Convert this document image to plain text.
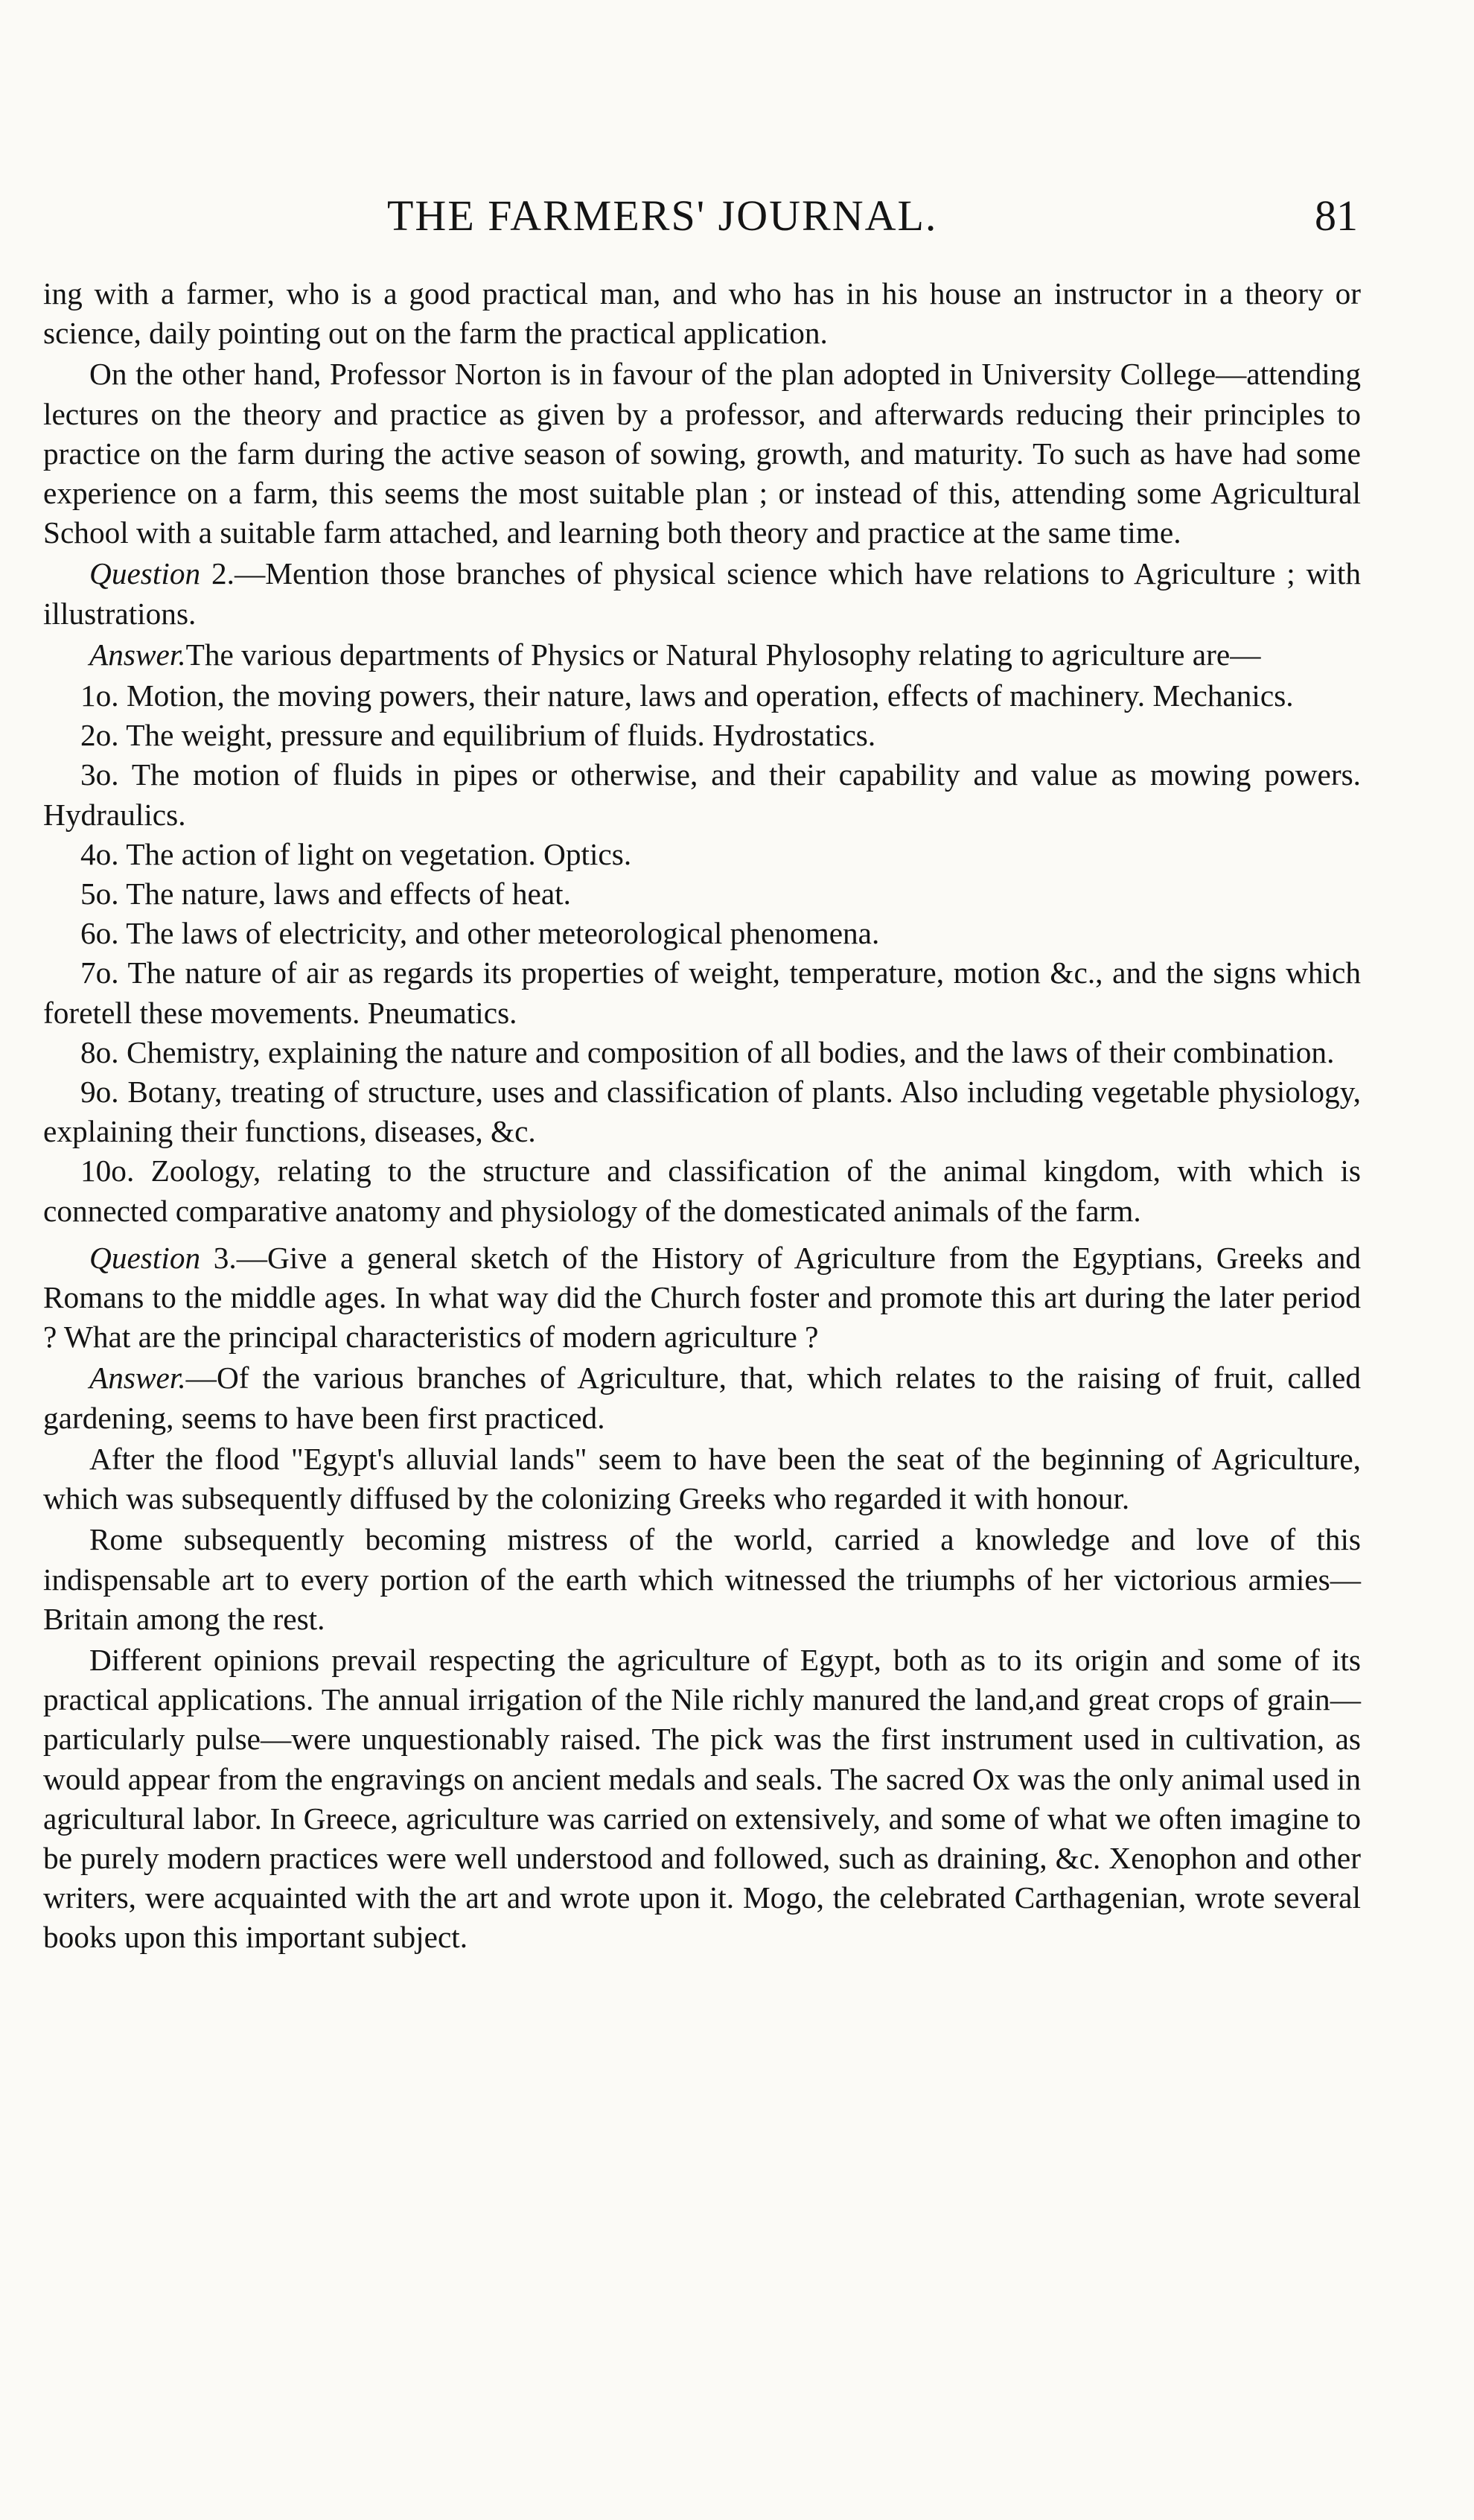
THE FARMERS' JOURNAL.	81

ing with a farmer, who is a good practical man, and who has in his house an instructor in a theory or science, daily pointing out on the farm the practical application.

On the other hand, Professor Norton is in favour of the plan adopted in University College—attending lectures on the theory and practice as given by a professor, and afterwards reducing their principles to practice on the farm during the active season of sowing, growth, and maturity. To such as have had some experience on a farm, this seems the most suitable plan ; or instead of this, attending some Agricultural School with a suitable farm attached, and learning both theory and practice at the same time.

Question 2.—Mention those branches of physical science which have relations to Agriculture ; with illustrations.

Answer.The various departments of Physics or Natural Phylosophy relating to agriculture are—

1o. Motion, the moving powers, their nature, laws and operation, effects of machinery. Mechanics.

2o. The weight, pressure and equilibrium of fluids. Hydrostatics.

3o. The motion of fluids in pipes or otherwise, and their capability and value as mowing powers. Hydraulics.

4o. The action of light on vegetation. Optics.

5o. The nature, laws and effects of heat.

6o. The laws of electricity, and other meteorological phenomena.

7o. The nature of air as regards its properties of weight, temperature, motion &c., and the signs which foretell these movements. Pneumatics.

8o. Chemistry, explaining the nature and composition of all bodies, and the laws of their combination.

9o. Botany, treating of structure, uses and classification of plants. Also including vegetable physiology, explaining their functions, diseases, &c.

10o. Zoology, relating to the structure and classification of the animal kingdom, with which is connected comparative anatomy and physiology of the domesticated animals of the farm.

Question 3.—Give a general sketch of the History of Agriculture from the Egyptians, Greeks and Romans to the middle ages. In what way did the Church foster and promote this art during the later period ? What are the principal characteristics of modern agriculture ?

Answer.—Of the various branches of Agriculture, that, which relates to the raising of fruit, called gardening, seems to have been first practiced.

After the flood "Egypt's alluvial lands" seem to have been the seat of the beginning of Agriculture, which was subsequently diffused by the colonizing Greeks who regarded it with honour.

Rome subsequently becoming mistress of the world, carried a knowledge and love of this indispensable art to every portion of the earth which witnessed the triumphs of her victorious armies—Britain among the rest.

Different opinions prevail respecting the agriculture of Egypt, both as to its origin and some of its practical applications. The annual irrigation of the Nile richly manured the land,and great crops of grain—particularly pulse—were unquestionably raised. The pick was the first instrument used in cultivation, as would appear from the engravings on ancient medals and seals. The sacred Ox was the only animal used in agricultural labor. In Greece, agriculture was carried on extensively, and some of what we often imagine to be purely modern practices were well understood and followed, such as draining, &c. Xenophon and other writers, were acquainted with the art and wrote upon it. Mogo, the celebrated Carthagenian, wrote several books upon this important subject.
